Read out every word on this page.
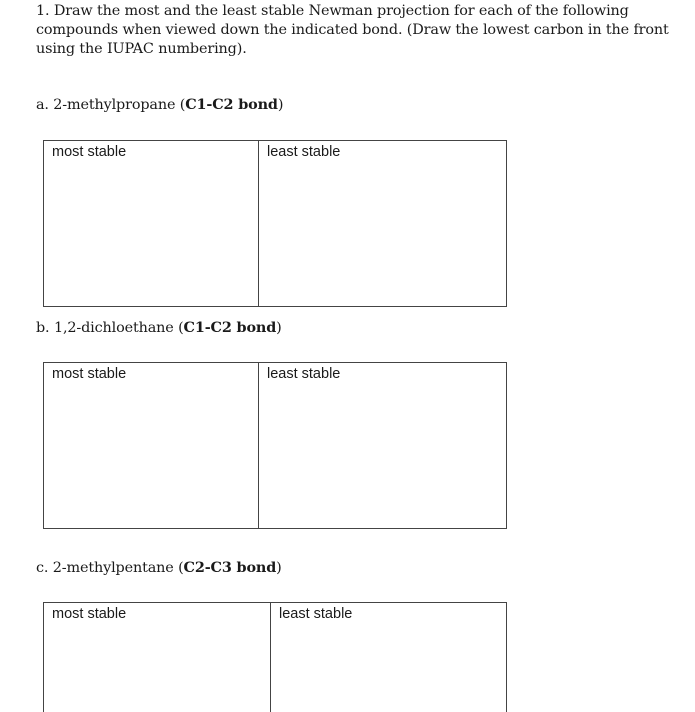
1. Draw the most and the least stable Newman projection for each of the following compounds when viewed down the indicated bond. (Draw the lowest carbon in the front using the IUPAC numbering).
a. 2-methylpropane (C1-C2 bond)
most stable	least stable
b. 1,2-dichloethane (C1-C2 bond)
most stable	least stable
c. 2-methylpentane (C2-C3 bond)
most stable	least stable
